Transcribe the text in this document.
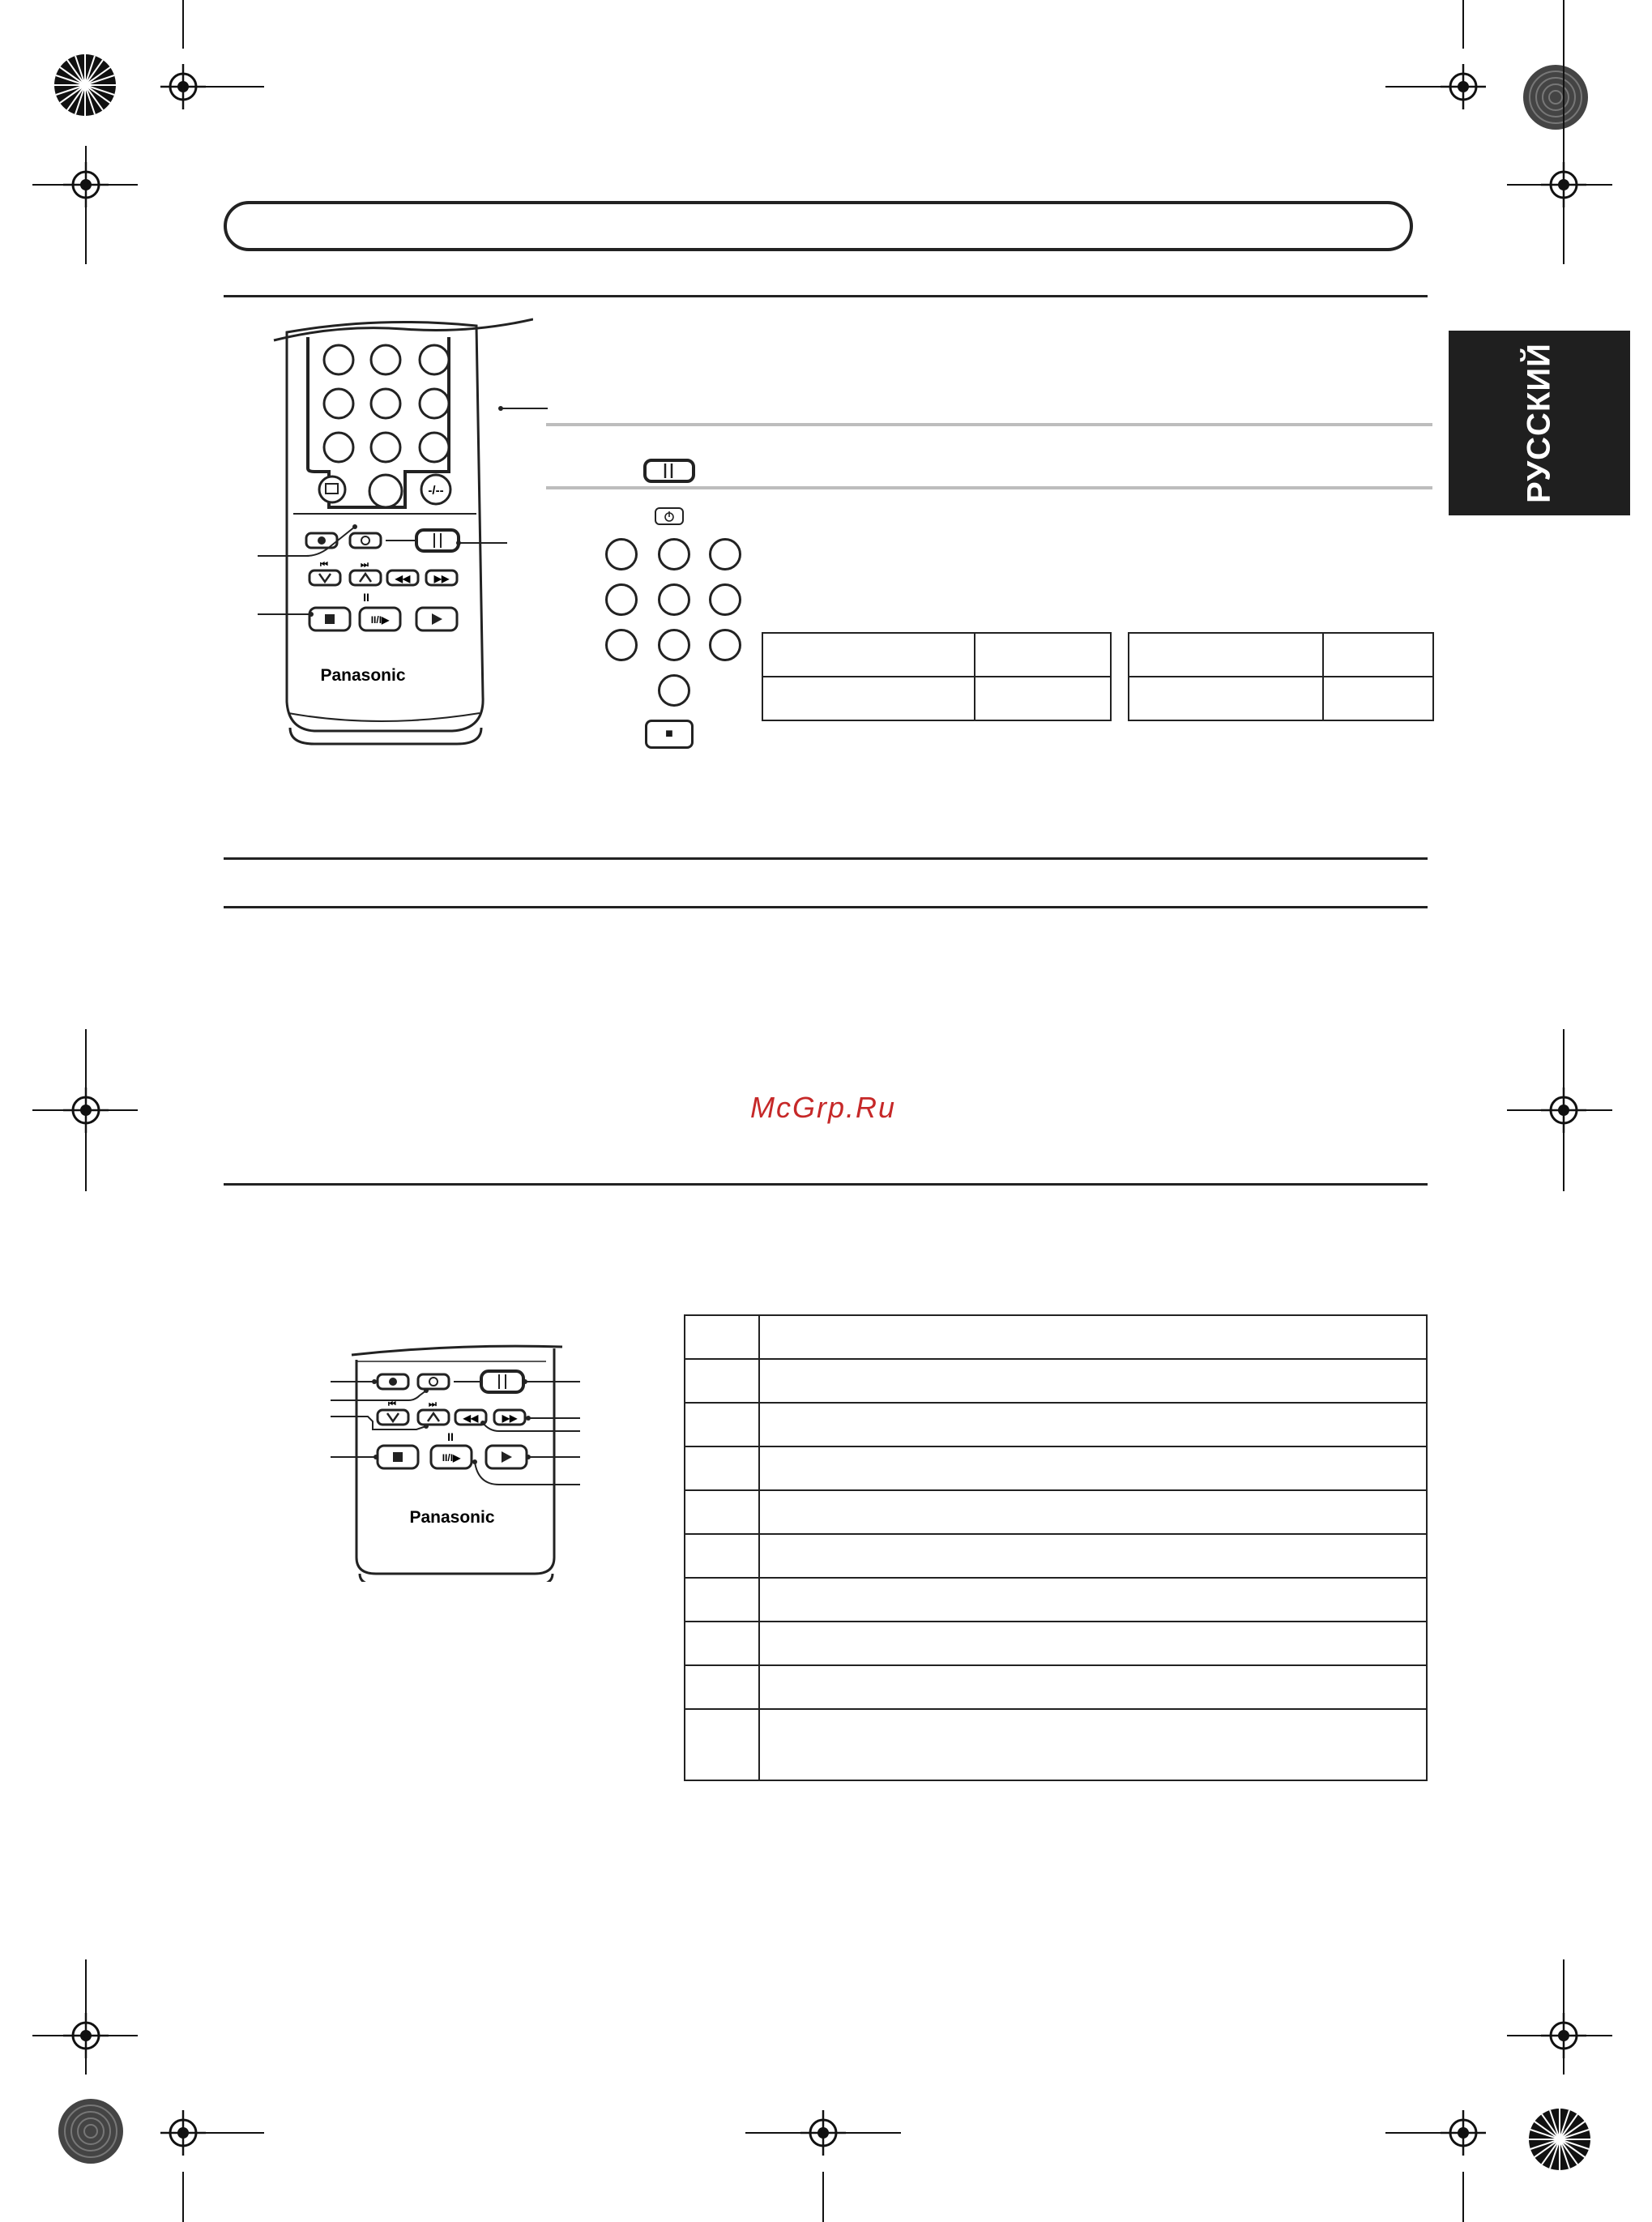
РУССКИЙ
McGrp.Ru
-/--
⏮	⏭
◀◀ ▶▶
II
II/I▶
Panasonic
■

⏮	⏭
◀◀ ▶▶
II
II/I▶
Panasonic
